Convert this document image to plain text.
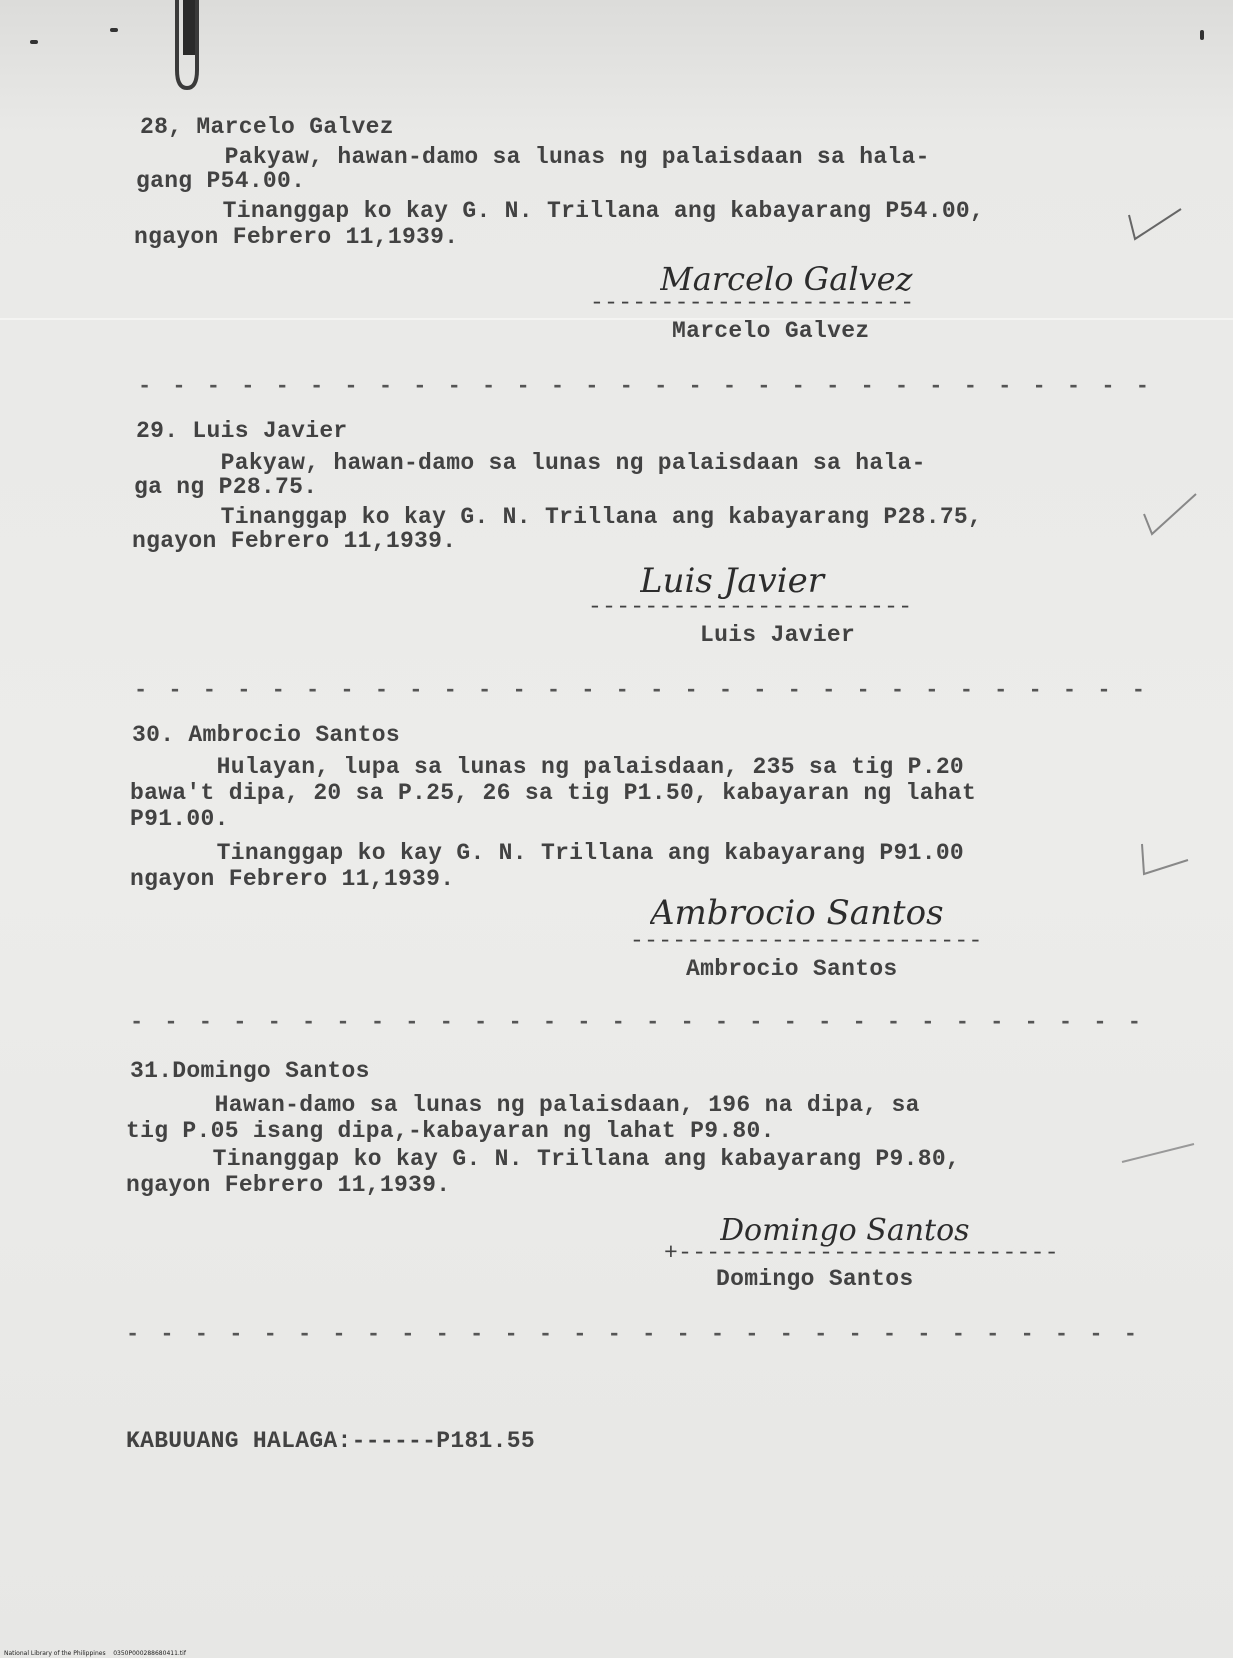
28, Marcelo Galvez
Pakyaw, hawan-damo sa lunas ng palaisdaan sa hala-
gang P54.00.
Tinanggap ko kay G. N. Trillana ang kabayarang P54.00,
ngayon Febrero 11,1939.
Marcelo Galvez
-----------------------
Marcelo Galvez
- - - - - - - - - - - - - - - - - - - - - - - - - - - - - -
29. Luis Javier
Pakyaw, hawan-damo sa lunas ng palaisdaan sa hala-
ga ng P28.75.
Tinanggap ko kay G. N. Trillana ang kabayarang P28.75,
ngayon Febrero 11,1939.
Luis Javier
-----------------------
Luis Javier
- - - - - - - - - - - - - - - - - - - - - - - - - - - - - -
30. Ambrocio Santos
Hulayan, lupa sa lunas ng palaisdaan, 235 sa tig P.20
bawa't dipa, 20 sa P.25, 26 sa tig P1.50, kabayaran ng lahat
P91.00.
Tinanggap ko kay G. N. Trillana ang kabayarang P91.00
ngayon Febrero 11,1939.
Ambrocio Santos
-------------------------
Ambrocio Santos
- - - - - - - - - - - - - - - - - - - - - - - - - - - - - -
31.Domingo Santos
Hawan-damo sa lunas ng palaisdaan, 196 na dipa, sa
tig P.05 isang dipa,-kabayaran ng lahat P9.80.
Tinanggap ko kay G. N. Trillana ang kabayarang P9.80,
ngayon Febrero 11,1939.
Domingo Santos
+---------------------------
Domingo Santos
- - - - - - - - - - - - - - - - - - - - - - - - - - - - - -
KABUUANG HALAGA:------P181.55
National Library of the Philippines    0350P000288680411.tif
